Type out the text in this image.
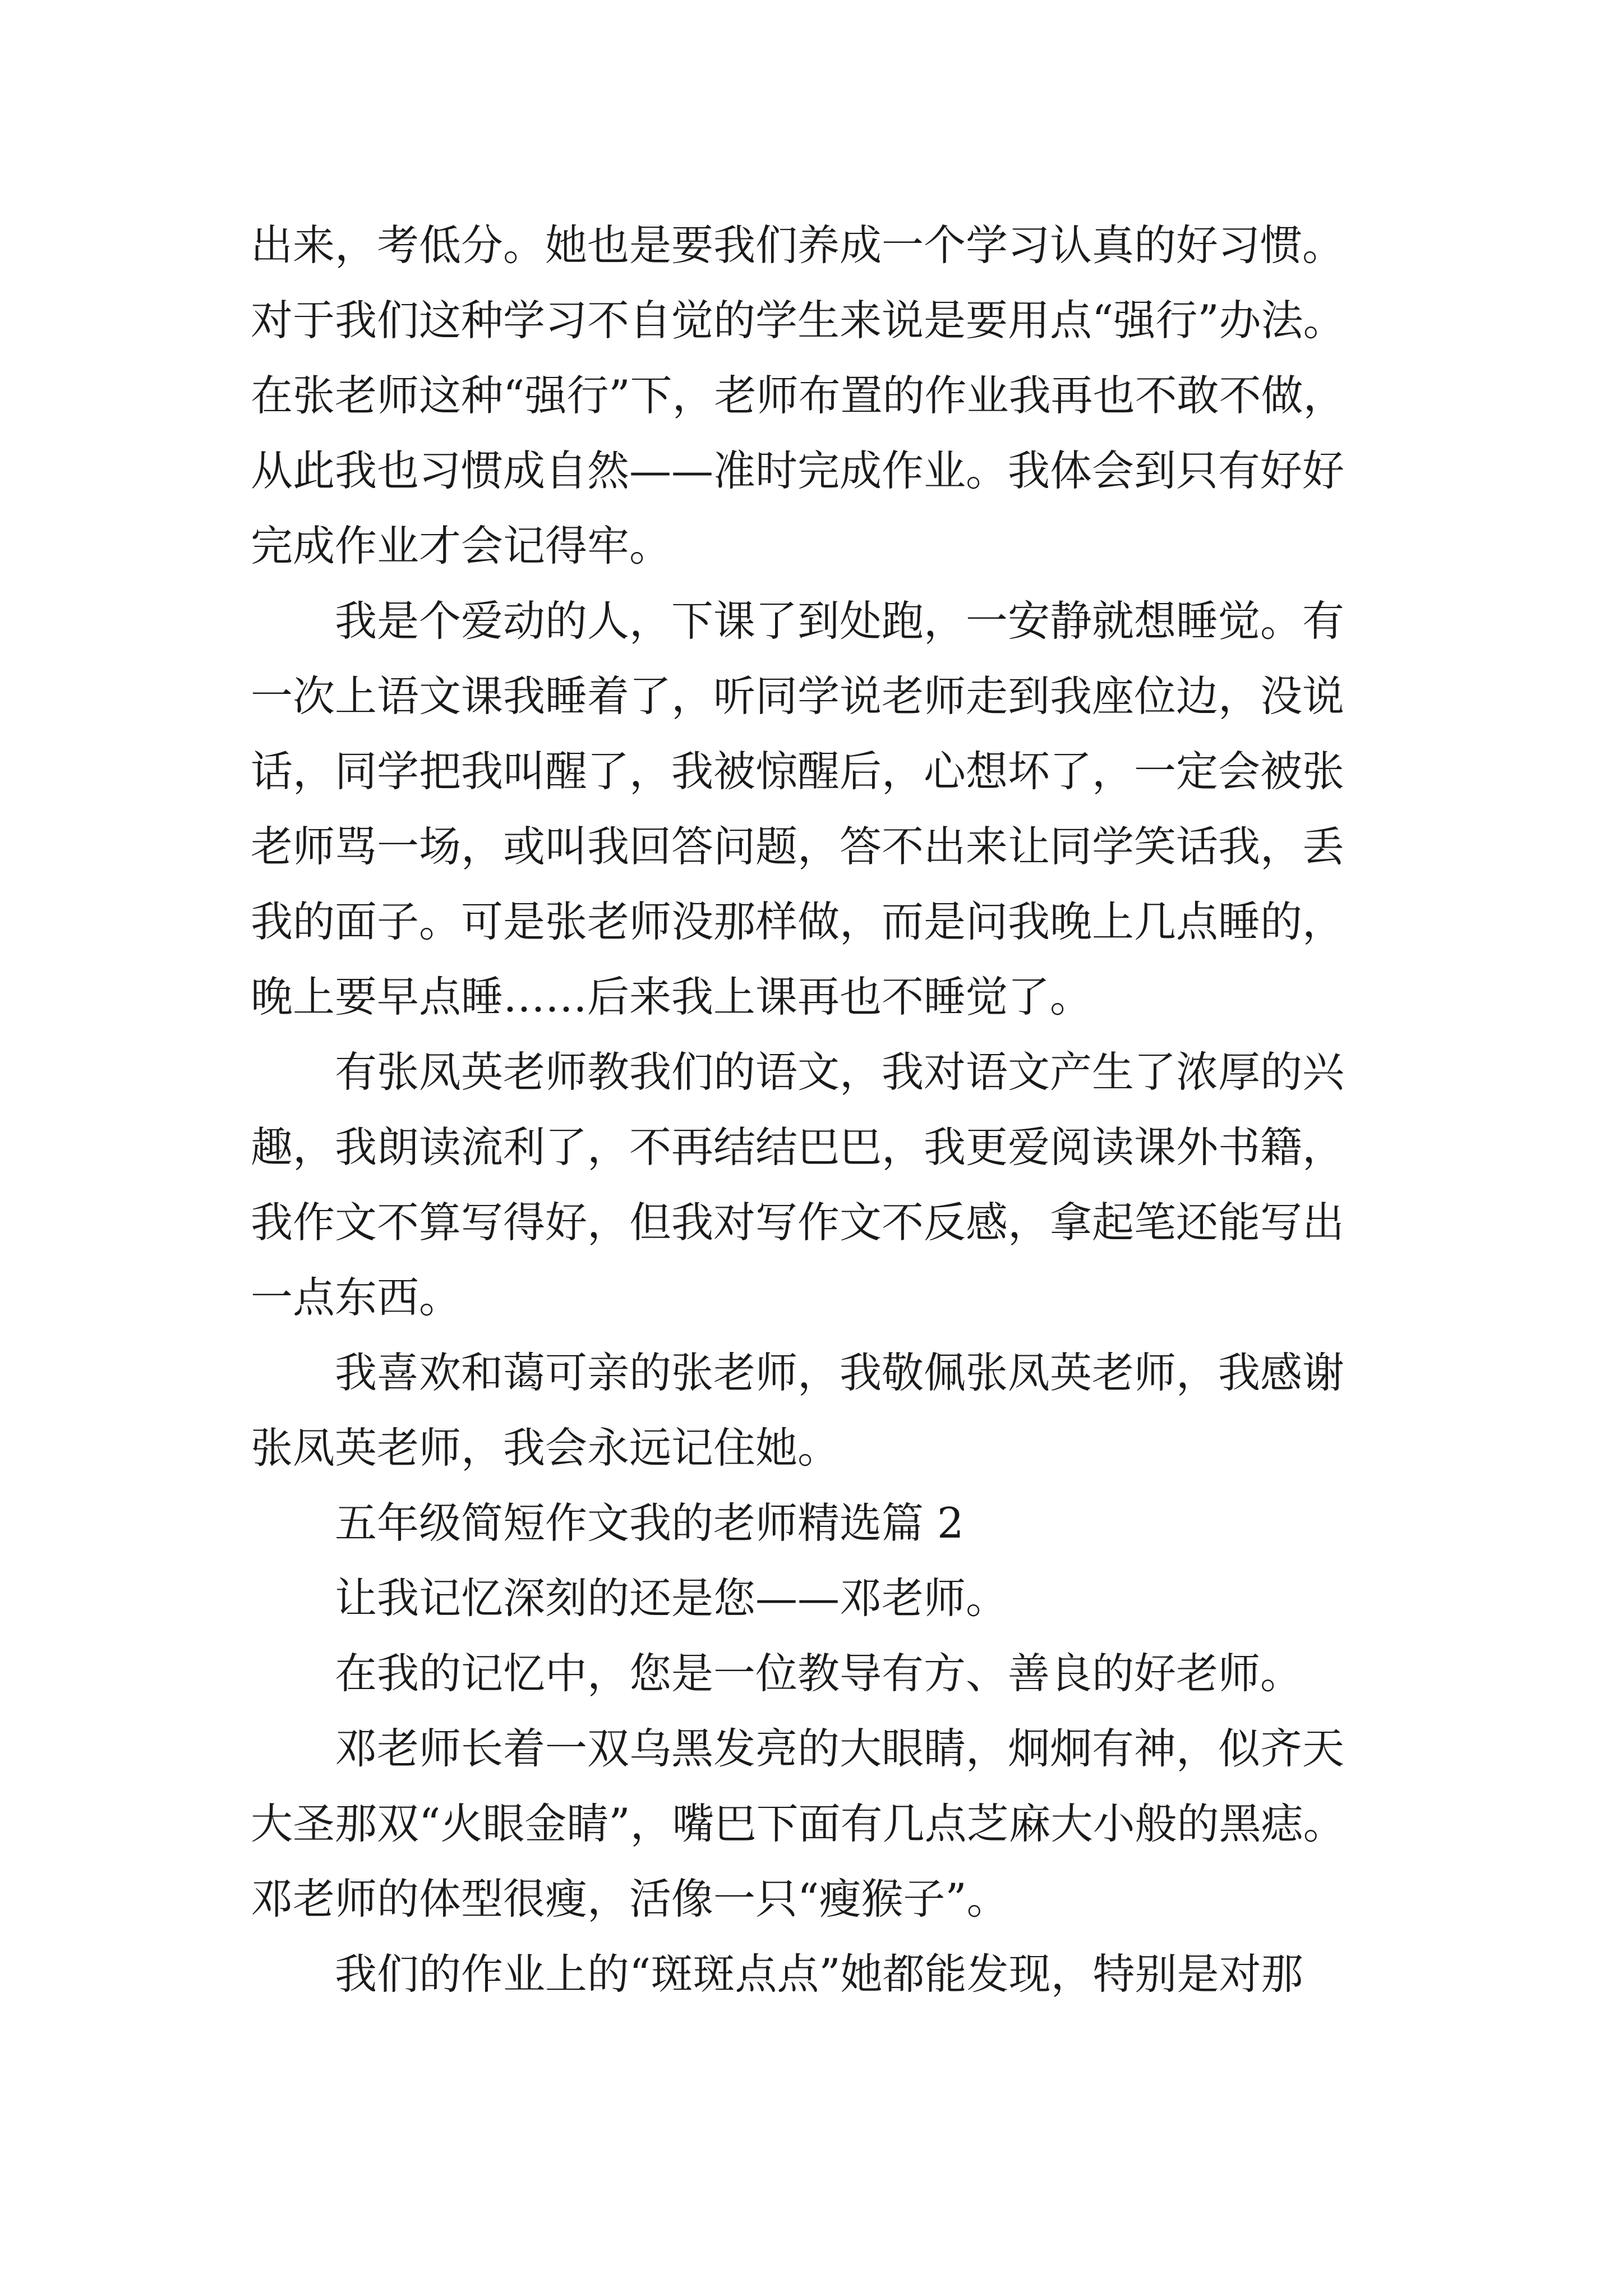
出来，考低分。她也是要我们养成一个学习认真的好习惯。
对于我们这种学习不自觉的学生来说是要用点“强行”办法。
在张老师这种“强行”下，老师布置的作业我再也不敢不做，
从此我也习惯成自然——准时完成作业。我体会到只有好好
完成作业才会记得牢。
我是个爱动的人，下课了到处跑，一安静就想睡觉。有
一次上语文课我睡着了，听同学说老师走到我座位边，没说
话，同学把我叫醒了，我被惊醒后，心想坏了，一定会被张
老师骂一场，或叫我回答问题，答不出来让同学笑话我，丢
我的面子。可是张老师没那样做，而是问我晚上几点睡的，
晚上要早点睡……后来我上课再也不睡觉了。
有张凤英老师教我们的语文，我对语文产生了浓厚的兴
趣，我朗读流利了，不再结结巴巴，我更爱阅读课外书籍，
我作文不算写得好，但我对写作文不反感，拿起笔还能写出
一点东西。
我喜欢和蔼可亲的张老师，我敬佩张凤英老师，我感谢
张凤英老师，我会永远记住她。
五年级简短作文我的老师精选篇 2
让我记忆深刻的还是您——邓老师。
在我的记忆中，您是一位教导有方、善良的好老师。
邓老师长着一双乌黑发亮的大眼睛，炯炯有神，似齐天
大圣那双“火眼金睛”，嘴巴下面有几点芝麻大小般的黑痣。
邓老师的体型很瘦，活像一只“瘦猴子”。
我们的作业上的“斑斑点点”她都能发现，特别是对那
